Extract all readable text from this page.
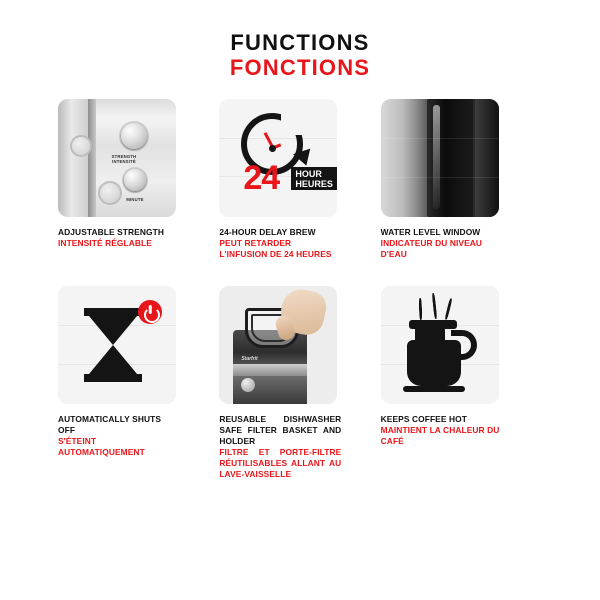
FUNCTIONS
FONCTIONS
STRENGTH INTENSITÉ
MINUTE
ADJUSTABLE STRENGTH
INTENSITÉ RÉGLABLE
24 HOUR
HEURES
24-HOUR DELAY BREW
PEUT RETARDER L'INFUSION DE 24 HEURES
WATER LEVEL WINDOW
INDICATEUR DU NIVEAU D'EAU
AUTOMATICALLY SHUTS OFF
S'ÉTEINT AUTOMATIQUEMENT
Starfrit
REUSABLE DISHWASHER SAFE FILTER BASKET AND HOLDER
FILTRE ET PORTE-FILTRE RÉUTILISABLES ALLANT AU LAVE-VAISSELLE
KEEPS COFFEE HOT
MAINTIENT LA CHALEUR DU CAFÉ
